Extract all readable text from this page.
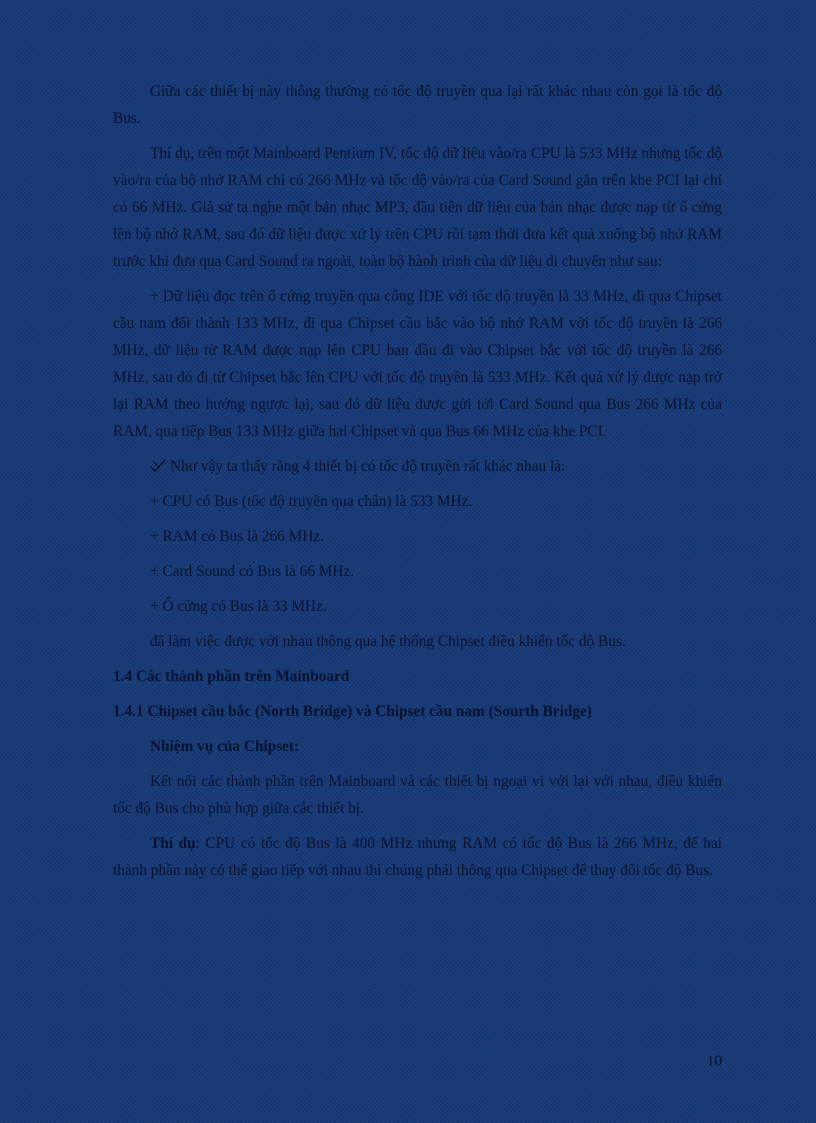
Giữa các thiết bị này thông thường có tốc độ truyền qua lại rất khác nhau còn gọi là tốc độ Bus.

Thí dụ, trên một Mainboard Pentium IV, tốc độ dữ liệu vào/ra CPU là 533 MHz nhưng tốc độ vào/ra của bộ nhớ RAM chỉ có 266 MHz và tốc độ vào/ra của Card Sound gắn trên khe PCI lại chỉ có 66 MHz. Giả sử ta nghe một bản nhạc MP3, đầu tiên dữ liệu của bản nhạc được nạp từ ổ cứng lên bộ nhớ RAM, sau đó dữ liệu được xử lý trên CPU rồi tạm thời đưa kết quả xuống bộ nhớ RAM trước khi đưa qua Card Sound ra ngoài, toàn bộ hành trình của dữ liệu di chuyển như sau:

+ Dữ liệu đọc trên ổ cứng truyền qua cổng IDE với tốc độ truyền là 33 MHz, đi qua Chipset cầu nam đổi thành 133 MHz, đi qua Chipset cầu bắc vào bộ nhớ RAM với tốc độ truyền là 266 MHz, dữ liệu từ RAM được nạp lên CPU ban đầu đi vào Chipset bắc với tốc độ truyền là 266 MHz, sau đó đi từ Chipset bắc lên CPU với tốc độ truyền là 533 MHz. Kết quả xử lý được nạp trở lại RAM theo hướng ngược lại, sau đó dữ liệu được gửi tới Card Sound qua Bus 266 MHz của RAM, qua tiếp Bus 133 MHz giữa hai Chipset và qua Bus 66 MHz của khe PCI.

Như vậy ta thấy rằng 4 thiết bị có tốc độ truyền rất khác nhau là:

+ CPU có Bus (tốc độ truyền qua chân) là 533 MHz.

+ RAM có Bus là 266 MHz.

+ Card Sound có Bus là 66 MHz.

+ Ổ cứng có Bus là 33 MHz.

đã làm việc được với nhau thông qua hệ thống Chipset điều khiển tốc độ Bus.

1.4 Các thành phần trên Mainboard
1.4.1 Chipset cầu bắc (North Bridge) và Chipset cầu nam (Sourth Bridge)
Nhiệm vụ của Chipset:

Kết nối các thành phần trên Mainboard và các thiết bị ngoại vi với lại với nhau, điều khiển tốc độ Bus cho phù hợp giữa các thiết bị.

Thí dụ: CPU có tốc độ Bus là 400 MHz nhưng RAM có tốc độ Bus là 266 MHz, để hai thành phần này có thể giao tiếp với nhau thì chúng phải thông qua Chipset để thay đổi tốc độ Bus.

10
